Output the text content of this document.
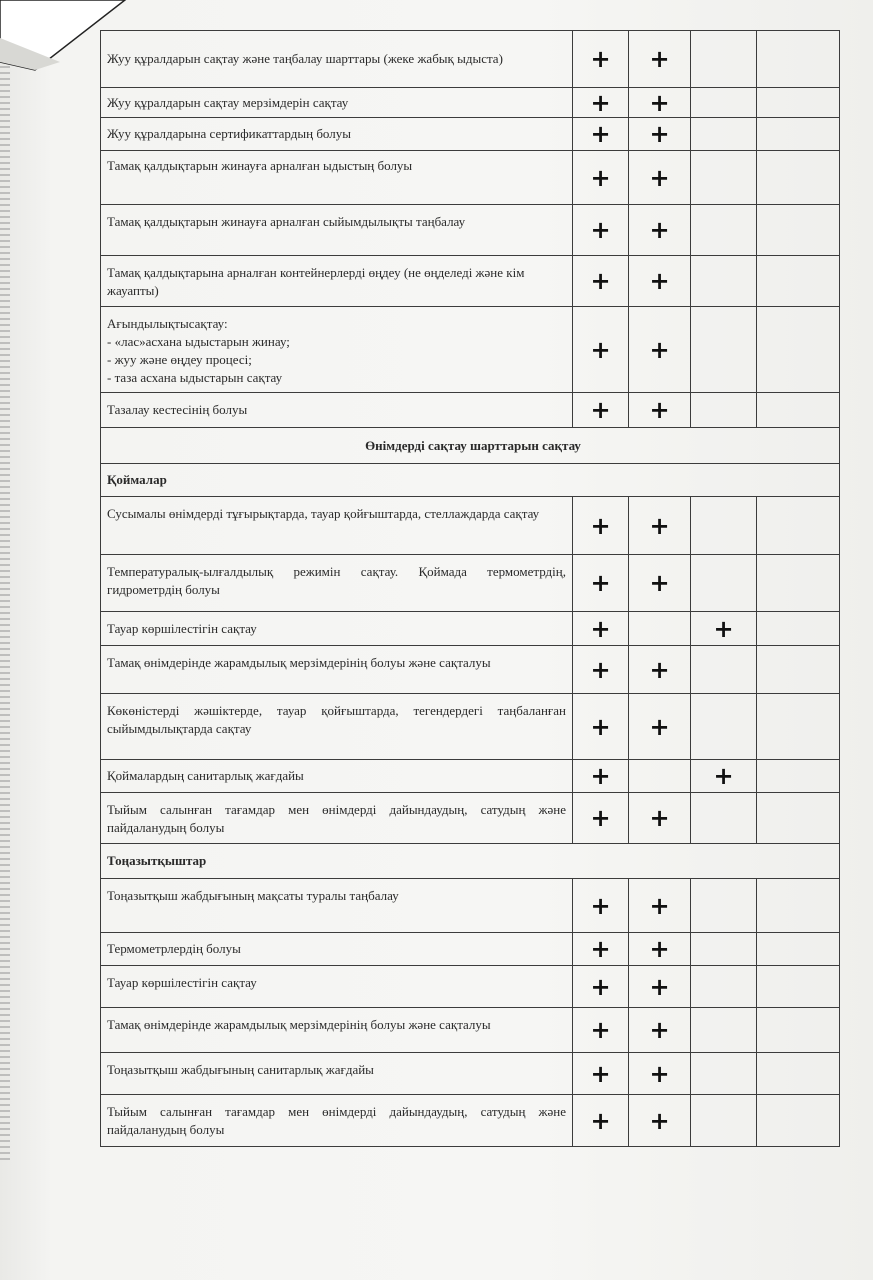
Жуу құралдарын сақтау және таңбалау шарттары (жеке жабық ыдыста)	+	+		
Жуу құралдарын сақтау мерзімдерін сақтау	+	+		
Жуу құралдарына сертификаттардың болуы	+	+		
Тамақ қалдықтарын жинауға арналған ыдыстың болуы	+	+		
Тамақ қалдықтарын жинауға арналған сыйымдылықты таңбалау	+	+		
Тамақ қалдықтарына арналған контейнерлерді өңдеу (не өңделеді және кім жауапты)	+	+		

Ағындылықтысақтау:
- «лас»асхана ыдыстарын жинау;
- жуу және өңдеу процесі;
- таза асхана ыдыстарын сақтау	+	+		
Тазалау кестесінің болуы	+	+		
Өнімдерді сақтау шарттарын сақтау				
Қоймалар				
Сусымалы өнімдерді тұғырықтарда, тауар қойғыштарда, стеллаждарда сақтау	+	+		
Температуралық-ылғалдылық режимін сақтау. Қоймада термометрдің, гидрометрдің болуы	+	+		
Тауар көршілестігін сақтау	+		+	
Тамақ өнімдерінде жарамдылық мерзімдерінің болуы және сақталуы	+	+		
Көкөністерді жәшіктерде, тауар қойғыштарда, тегендердегі таңбаланған сыйымдылықтарда сақтау	+	+		
Қоймалардың санитарлық жағдайы	+		+	
Тыйым салынған тағамдар мен өнімдерді дайындаудың, сатудың және пайдаланудың болуы	+	+		
Тоңазытқыштар				
Тоңазытқыш жабдығының мақсаты туралы таңбалау	+	+		
Термометрлердің болуы	+	+		
Тауар көршілестігін сақтау	+	+		
Тамақ өнімдерінде жарамдылық мерзімдерінің болуы және сақталуы	+	+		
Тоңазытқыш жабдығының санитарлық жағдайы	+	+		
Тыйым салынған тағамдар мен өнімдерді дайындаудың, сатудың және пайдаланудың болуы	+	+		
